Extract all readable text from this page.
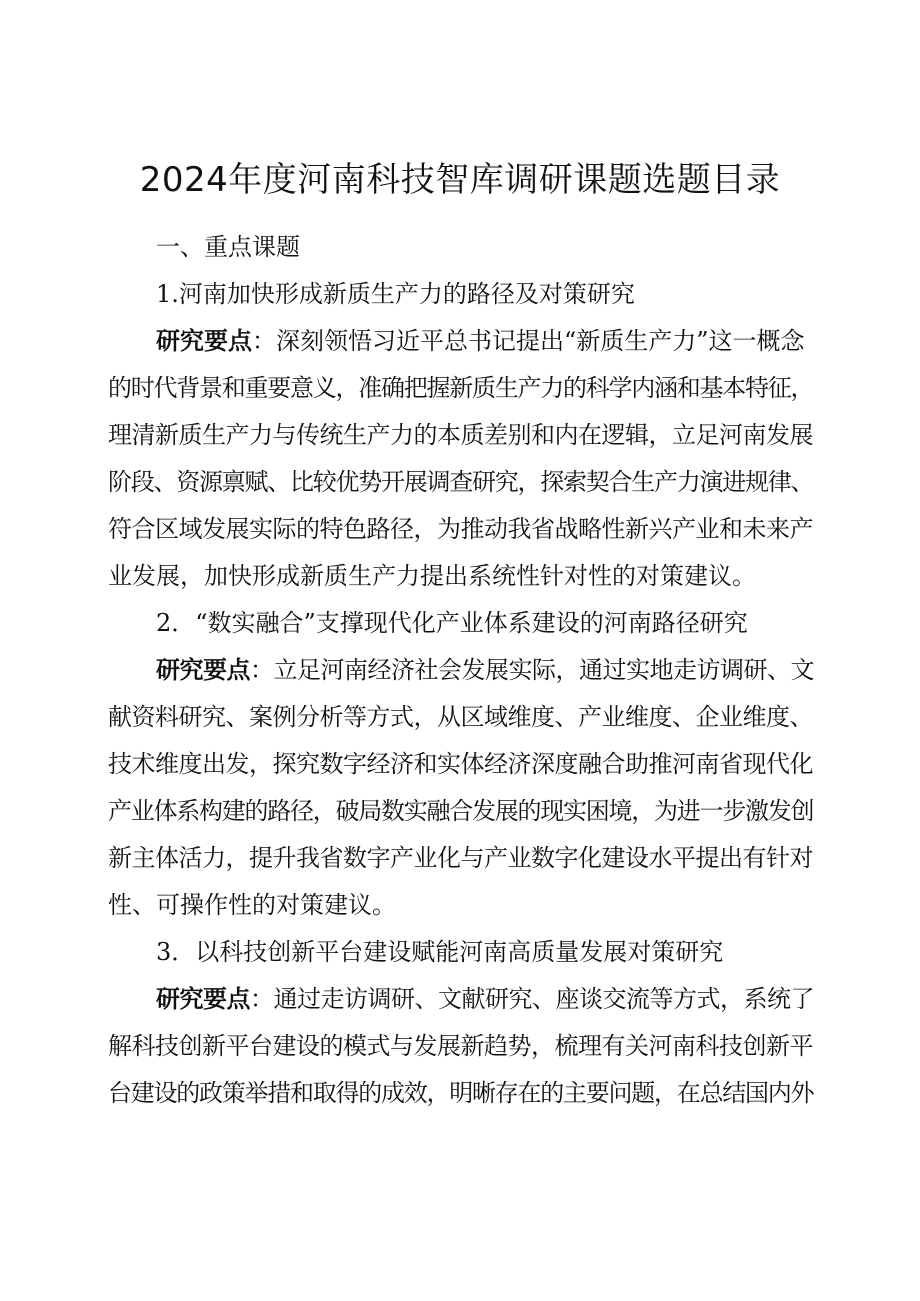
2024年度河南科技智库调研课题选题目录
一、重点课题
1.河南加快形成新质生产力的路径及对策研究
研究要点：深刻领悟习近平总书记提出“新质生产力”这一概念
的时代背景和重要意义，准确把握新质生产力的科学内涵和基本特征，
理清新质生产力与传统生产力的本质差别和内在逻辑，立足河南发展
阶段、资源禀赋、比较优势开展调查研究，探索契合生产力演进规律、
符合区域发展实际的特色路径，为推动我省战略性新兴产业和未来产
业发展，加快形成新质生产力提出系统性针对性的对策建议。
2．“数实融合”支撑现代化产业体系建设的河南路径研究
研究要点：立足河南经济社会发展实际，通过实地走访调研、文
献资料研究、案例分析等方式，从区域维度、产业维度、企业维度、
技术维度出发，探究数字经济和实体经济深度融合助推河南省现代化
产业体系构建的路径，破局数实融合发展的现实困境，为进一步激发创
新主体活力，提升我省数字产业化与产业数字化建设水平提出有针对
性、可操作性的对策建议。
3．以科技创新平台建设赋能河南高质量发展对策研究
研究要点：通过走访调研、文献研究、座谈交流等方式，系统了
解科技创新平台建设的模式与发展新趋势，梳理有关河南科技创新平
台建设的政策举措和取得的成效，明晰存在的主要问题，在总结国内外
